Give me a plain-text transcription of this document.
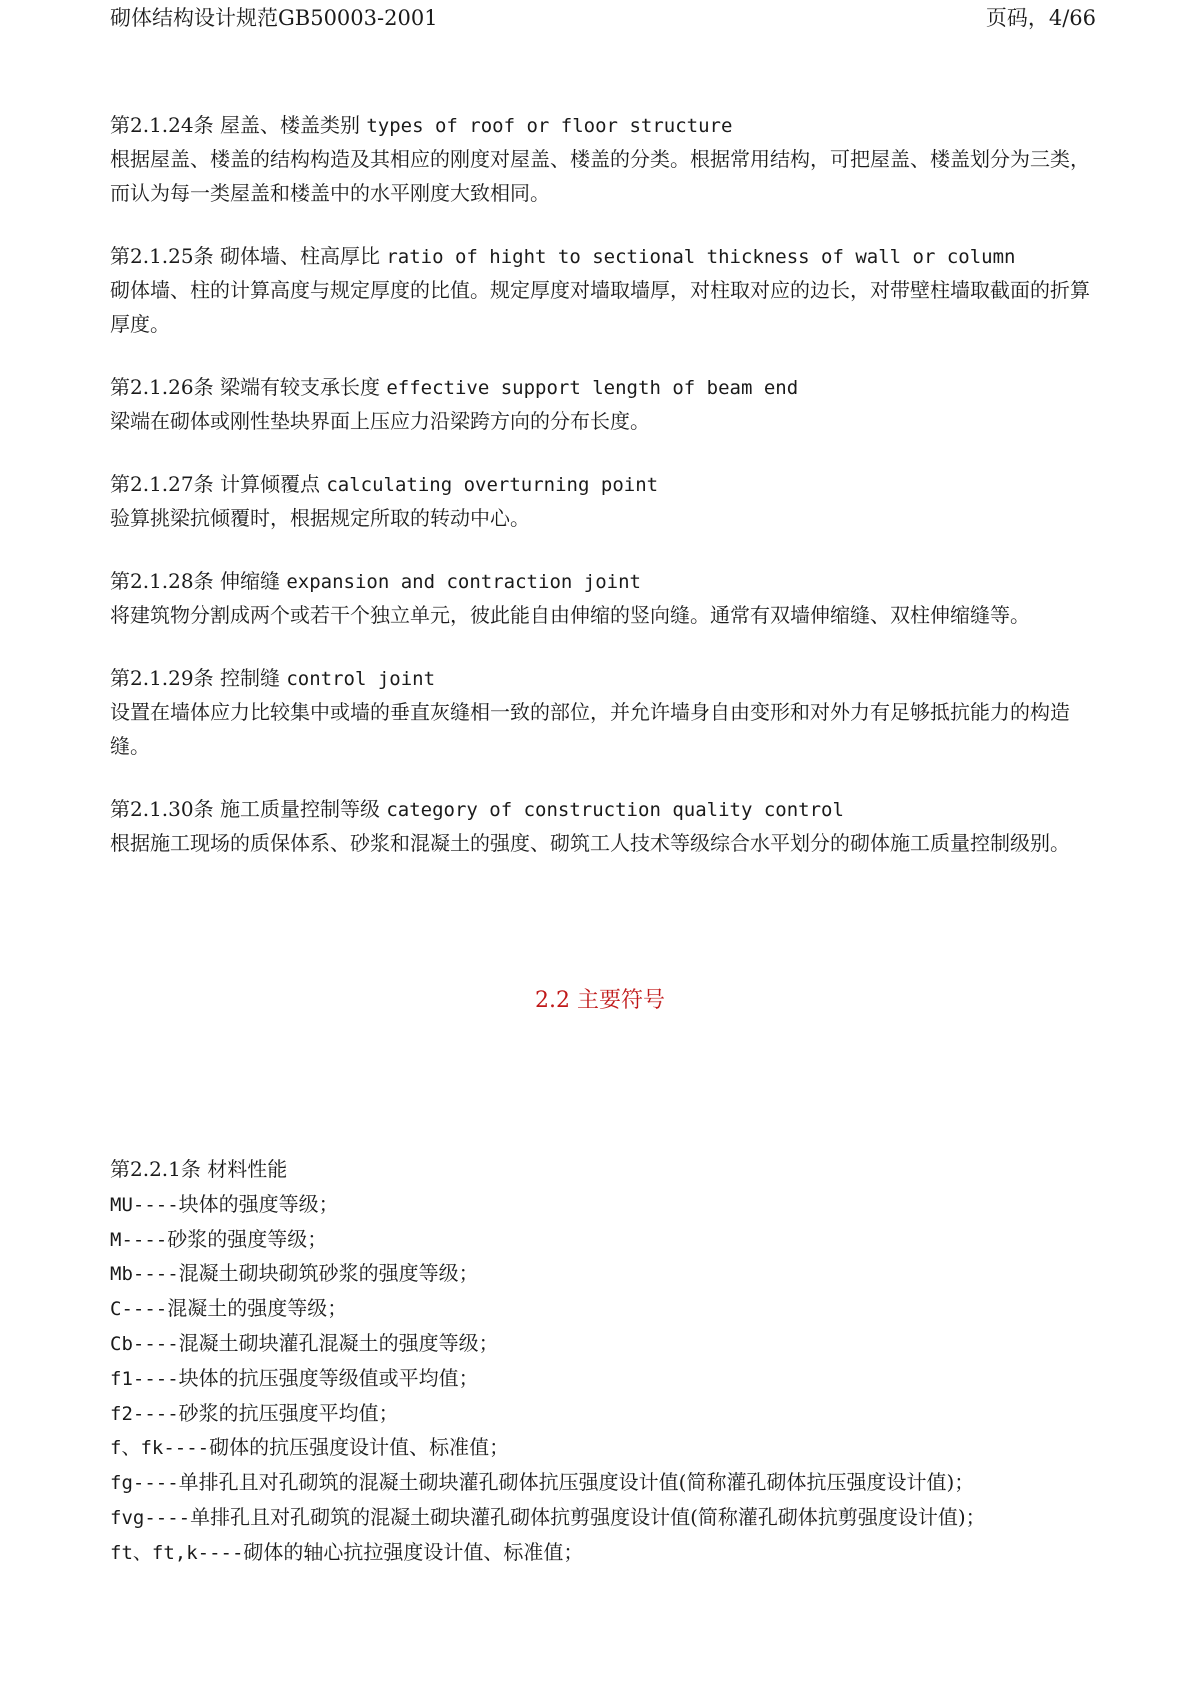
砌体结构设计规范GB50003-2001	页码，4/66
第2.1.24条 屋盖、楼盖类别 types of roof or floor structure
根据屋盖、楼盖的结构构造及其相应的刚度对屋盖、楼盖的分类。根据常用结构，可把屋盖、楼盖划分为三类，而认为每一类屋盖和楼盖中的水平刚度大致相同。
第2.1.25条 砌体墙、柱高厚比 ratio of hight to sectional thickness of wall or column
砌体墙、柱的计算高度与规定厚度的比值。规定厚度对墙取墙厚，对柱取对应的边长，对带壁柱墙取截面的折算厚度。
第2.1.26条 梁端有较支承长度 effective support length of beam end
梁端在砌体或刚性垫块界面上压应力沿梁跨方向的分布长度。
第2.1.27条 计算倾覆点 calculating overturning point
验算挑梁抗倾覆时，根据规定所取的转动中心。
第2.1.28条 伸缩缝 expansion and contraction joint
将建筑物分割成两个或若干个独立单元，彼此能自由伸缩的竖向缝。通常有双墙伸缩缝、双柱伸缩缝等。
第2.1.29条 控制缝 control joint
设置在墙体应力比较集中或墙的垂直灰缝相一致的部位，并允许墙身自由变形和对外力有足够抵抗能力的构造缝。
第2.1.30条 施工质量控制等级 category of construction quality control
根据施工现场的质保体系、砂浆和混凝土的强度、砌筑工人技术等级综合水平划分的砌体施工质量控制级别。
2.2 主要符号
第2.2.1条 材料性能
MU----块体的强度等级；
M----砂浆的强度等级；
Mb----混凝土砌块砌筑砂浆的强度等级；
C----混凝土的强度等级；
Cb----混凝土砌块灌孔混凝土的强度等级；
f1----块体的抗压强度等级值或平均值；
f2----砂浆的抗压强度平均值；
f、fk----砌体的抗压强度设计值、标准值；
fg----单排孔且对孔砌筑的混凝土砌块灌孔砌体抗压强度设计值(简称灌孔砌体抗压强度设计值)；
fvg----单排孔且对孔砌筑的混凝土砌块灌孔砌体抗剪强度设计值(简称灌孔砌体抗剪强度设计值)；
ft、ft,k----砌体的轴心抗拉强度设计值、标准值；
